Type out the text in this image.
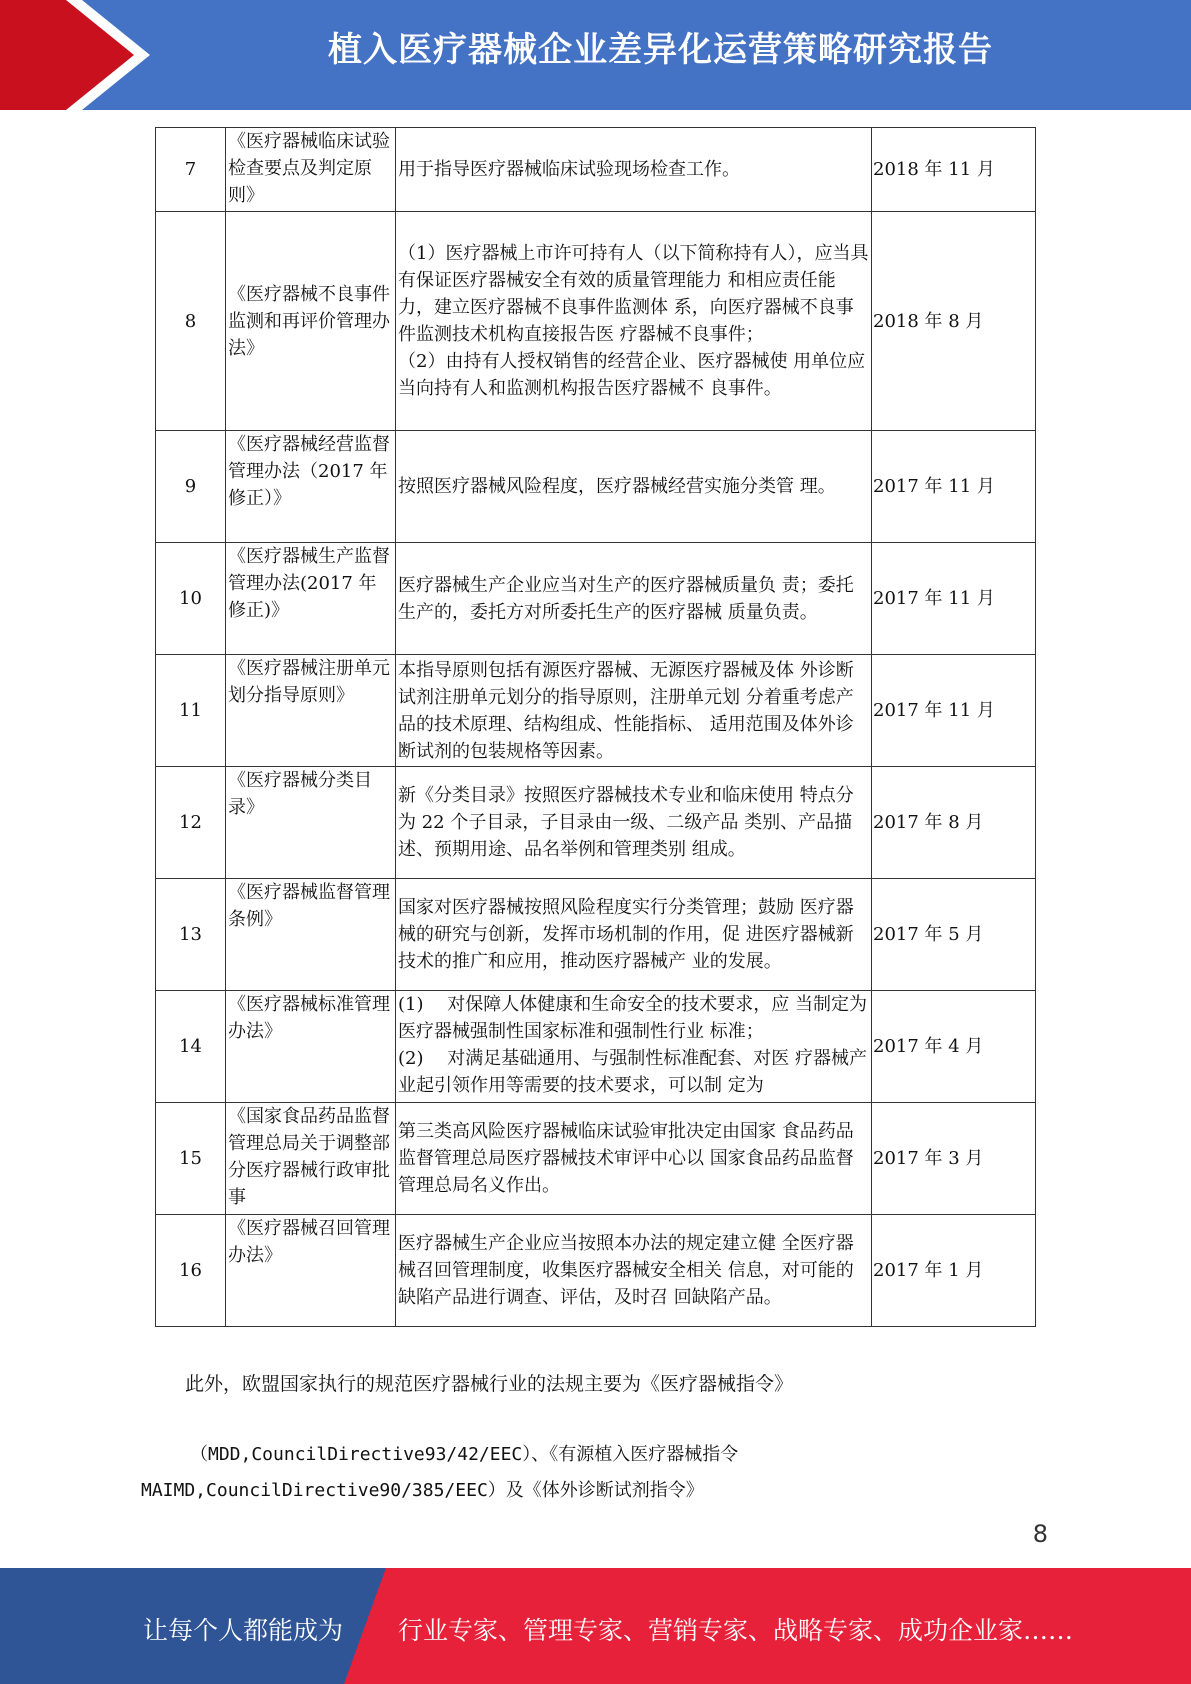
植入医疗器械企业差异化运营策略研究报告
7	《医疗器械临床试验检查要点及判定原则》	用于指导医疗器械临床试验现场检查工作。	2018 年 11 月
8	《医疗器械不良事件监测和再评价管理办法》	（1）医疗器械上市许可持有人（以下简称持有人），应当具有保证医疗器械安全有效的质量管理能力 和相应责任能力，建立医疗器械不良事件监测体 系，向医疗器械不良事件监测技术机构直接报告医 疗器械不良事件；
（2）由持有人授权销售的经营企业、医疗器械使 用单位应当向持有人和监测机构报告医疗器械不 良事件。	2018 年 8 月
9	《医疗器械经营监督管理办法（2017 年修正）》	按照医疗器械风险程度，医疗器械经营实施分类管 理。	2017 年 11 月
10	《医疗器械生产监督管理办法(2017 年修正)》	医疗器械生产企业应当对生产的医疗器械质量负 责；委托生产的，委托方对所委托生产的医疗器械 质量负责。	2017 年 11 月
11	《医疗器械注册单元划分指导原则》	本指导原则包括有源医疗器械、无源医疗器械及体 外诊断试剂注册单元划分的指导原则，注册单元划 分着重考虑产品的技术原理、结构组成、性能指标、 适用范围及体外诊断试剂的包装规格等因素。	2017 年 11 月
12	《医疗器械分类目录》	新《分类目录》按照医疗器械技术专业和临床使用 特点分为 22 个子目录，子目录由一级、二级产品 类别、产品描述、预期用途、品名举例和管理类别 组成。	2017 年 8 月
13	《医疗器械监督管理条例》	国家对医疗器械按照风险程度实行分类管理；鼓励 医疗器械的研究与创新，发挥市场机制的作用，促 进医疗器械新技术的推广和应用，推动医疗器械产 业的发展。	2017 年 5 月
14	《医疗器械标准管理办法》	(1)　 对保障人体健康和生命安全的技术要求，应 当制定为医疗器械强制性国家标准和强制性行业 标准；
(2)　 对满足基础通用、与强制性标准配套、对医 疗器械产业起引领作用等需要的技术要求，可以制 定为	2017 年 4 月
15	《国家食品药品监督管理总局关于调整部分医疗器械行政审批事	第三类高风险医疗器械临床试验审批决定由国家 食品药品监督管理总局医疗器械技术审评中心以 国家食品药品监督管理总局名义作出。	2017 年 3 月
16	《医疗器械召回管理办法》	医疗器械生产企业应当按照本办法的规定建立健 全医疗器械召回管理制度，收集医疗器械安全相关 信息，对可能的缺陷产品进行调查、评估，及时召 回缺陷产品。	2017 年 1 月
此外，欧盟国家执行的规范医疗器械行业的法规主要为《医疗器械指令》
（MDD,CouncilDirective93/42/EEC）、《有源植入医疗器械指令
MAIMD,CouncilDirective90/385/EEC）及《体外诊断试剂指令》
8
让每个人都能成为 行业专家、管理专家、营销专家、战略专家、成功企业家……
